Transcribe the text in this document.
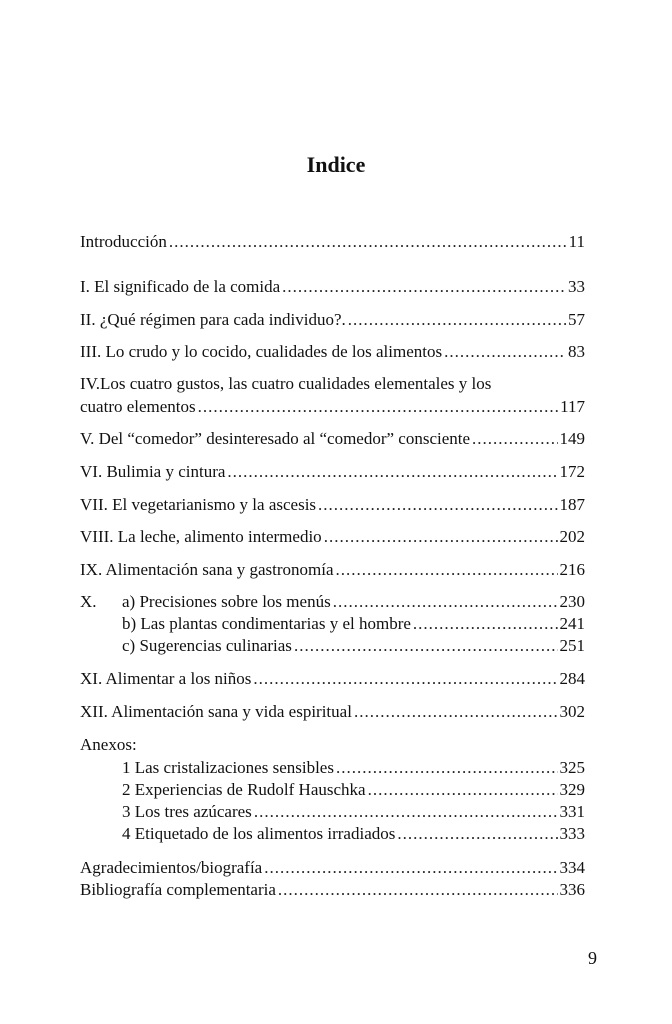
Indice
Introducción .....	11
I. El significado de la comida .....	33
II. ¿Qué régimen para cada individuo?. .....	57
III. Lo crudo y lo cocido, cualidades de los alimentos .....	83
IV.Los cuatro gustos, las cuatro cualidades elementales y los
cuatro elementos .....	117
V. Del “comedor” desinteresado al “comedor” consciente .....	149
VI. Bulimia y cintura .....	172
VII. El vegetarianismo y la ascesis .....	187
VIII. La leche, alimento intermedio .....	202
IX. Alimentación sana y gastronomía .....	216
X.	a) Precisiones sobre los menús .....	230
b) Las plantas condimentarias y el hombre .....	241
c) Sugerencias culinarias .....	251
XI. Alimentar a los niños .....	284
XII. Alimentación sana y vida espiritual .....	302
Anexos:
1 Las cristalizaciones sensibles .....	325
2 Experiencias de Rudolf Hauschka .....	329
3 Los tres azúcares .....	331
4 Etiquetado de los alimentos irradiados .....	333
Agradecimientos/biografía .....	334
Bibliografía complementaria .....	336
9
